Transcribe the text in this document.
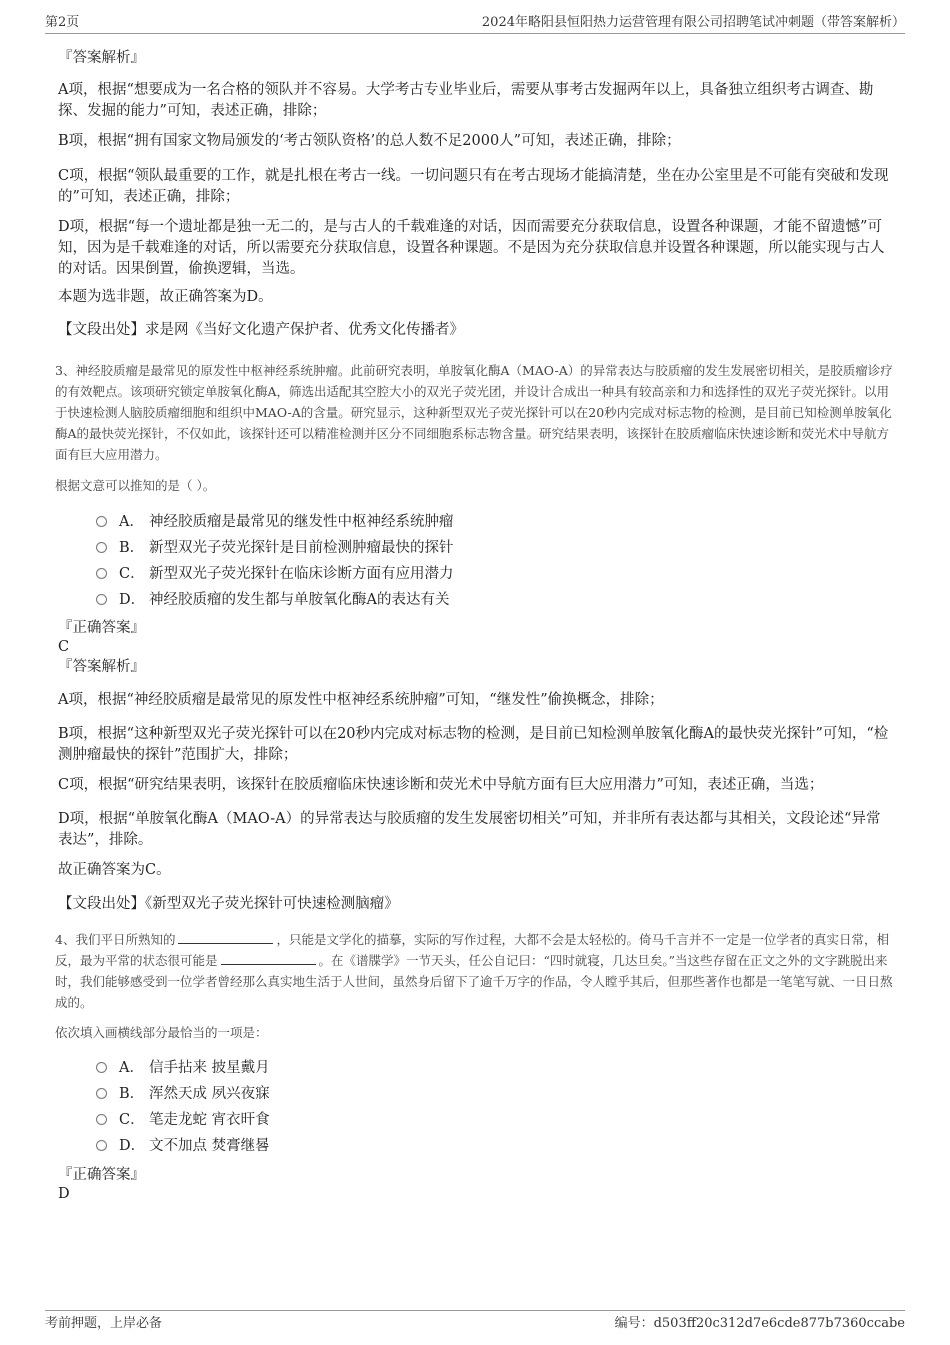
第2页	2024年略阳县恒阳热力运营管理有限公司招聘笔试冲刺题（带答案解析）
『答案解析』
A项，根据“想要成为一名合格的领队并不容易。大学考古专业毕业后，需要从事考古发掘两年以上，具备独立组织考古调查、勘探、发掘的能力”可知，表述正确，排除；
B项，根据“拥有国家文物局颁发的‘考古领队资格’的总人数不足2000人”可知，表述正确，排除；
C项，根据“领队最重要的工作，就是扎根在考古一线。一切问题只有在考古现场才能搞清楚，坐在办公室里是不可能有突破和发现的”可知，表述正确，排除；
D项，根据“每一个遗址都是独一无二的，是与古人的千载难逢的对话，因而需要充分获取信息，设置各种课题，才能不留遗憾”可知，因为是千载难逢的对话，所以需要充分获取信息，设置各种课题。不是因为充分获取信息并设置各种课题，所以能实现与古人的对话。因果倒置，偷换逻辑，当选。
本题为选非题，故正确答案为D。
【文段出处】求是网《当好文化遗产保护者、优秀文化传播者》
3、神经胶质瘤是最常见的原发性中枢神经系统肿瘤。此前研究表明，单胺氧化酶A（MAO-A）的异常表达与胶质瘤的发生发展密切相关，是胶质瘤诊疗的有效靶点。该项研究锁定单胺氧化酶A，筛选出适配其空腔大小的双光子荧光团，并设计合成出一种具有较高亲和力和选择性的双光子荧光探针。以用于快速检测人脑胶质瘤细胞和组织中MAO-A的含量。研究显示，这种新型双光子荧光探针可以在20秒内完成对标志物的检测，是目前已知检测单胺氧化酶A的最快荧光探针，不仅如此，该探针还可以精准检测并区分不同细胞系标志物含量。研究结果表明，该探针在胶质瘤临床快速诊断和荧光术中导航方面有巨大应用潜力。
根据文意可以推知的是（ ）。
A． 神经胶质瘤是最常见的继发性中枢神经系统肿瘤
B． 新型双光子荧光探针是目前检测肿瘤最快的探针
C． 新型双光子荧光探针在临床诊断方面有应用潜力
D． 神经胶质瘤的发生都与单胺氧化酶A的表达有关
『正确答案』
C
『答案解析』
A项，根据“神经胶质瘤是最常见的原发性中枢神经系统肿瘤”可知，“继发性”偷换概念，排除；
B项，根据“这种新型双光子荧光探针可以在20秒内完成对标志物的检测，是目前已知检测单胺氧化酶A的最快荧光探针”可知，“检测肿瘤最快的探针”范围扩大，排除；
C项，根据“研究结果表明，该探针在胶质瘤临床快速诊断和荧光术中导航方面有巨大应用潜力”可知，表述正确，当选；
D项，根据“单胺氧化酶A（MAO-A）的异常表达与胶质瘤的发生发展密切相关”可知，并非所有表达都与其相关，文段论述“异常表达”，排除。
故正确答案为C。
【文段出处】《新型双光子荧光探针可快速检测脑瘤》
4、我们平日所熟知的	，只能是文学化的描摹，实际的写作过程，大都不会是太轻松的。倚马千言并不一定是一位学者的真实日常，相反，最为平常的状态很可能是	。在《谱牒学》一节天头，任公自记曰：“四时就寝，几达旦矣。”当这些存留在正文之外的文字跳脱出来时，我们能够感受到一位学者曾经那么真实地生活于人世间，虽然身后留下了逾千万字的作品，令人瞠乎其后，但那些著作也都是一笔笔写就、一日日熬成的。
依次填入画横线部分最恰当的一项是：
A． 信手拈来 披星戴月
B． 浑然天成 夙兴夜寐
C． 笔走龙蛇 宵衣旰食
D． 文不加点 焚膏继晷
『正确答案』
D
考前押题，上岸必备	编号：d503ff20c312d7e6cde877b7360ccabe
